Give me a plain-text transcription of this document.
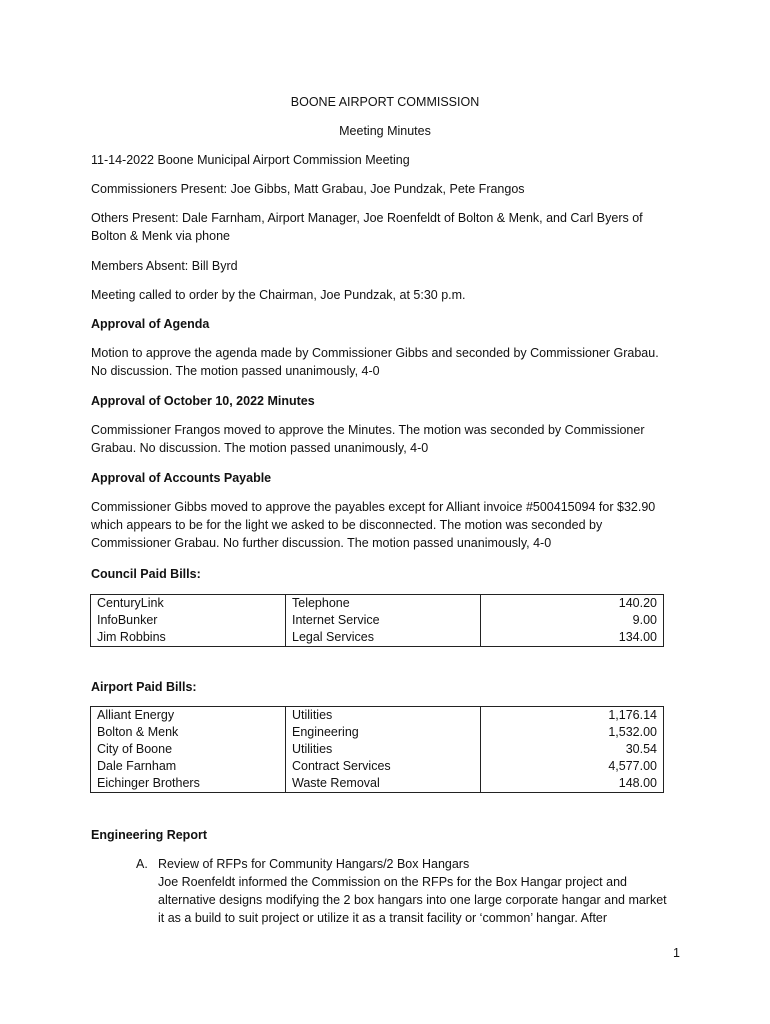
BOONE AIRPORT COMMISSION
Meeting Minutes
11-14-2022 Boone Municipal Airport Commission Meeting
Commissioners Present: Joe Gibbs, Matt Grabau, Joe Pundzak, Pete Frangos
Others Present: Dale Farnham, Airport Manager, Joe Roenfeldt of Bolton & Menk, and Carl Byers of
Bolton & Menk via phone
Members Absent: Bill Byrd
Meeting called to order by the Chairman, Joe Pundzak, at 5:30 p.m.
Approval of Agenda
Motion to approve the agenda made by Commissioner Gibbs and seconded by Commissioner Grabau.
No discussion. The motion passed unanimously, 4-0
Approval of October 10, 2022 Minutes
Commissioner Frangos moved to approve the Minutes. The motion was seconded by Commissioner
Grabau. No discussion. The motion passed unanimously, 4-0
Approval of Accounts Payable
Commissioner Gibbs moved to approve the payables except for Alliant invoice #500415094 for $32.90
which appears to be for the light we asked to be disconnected. The motion was seconded by
Commissioner Grabau. No further discussion. The motion passed unanimously, 4-0
Council Paid Bills:
CenturyLink	Telephone	140.20
InfoBunker	Internet Service	9.00
Jim Robbins	Legal Services	134.00
Airport Paid Bills:
Alliant Energy	Utilities	1,176.14
Bolton & Menk	Engineering	1,532.00
City of Boone	Utilities	30.54
Dale Farnham	Contract Services	4,577.00
Eichinger Brothers	Waste Removal	148.00
Engineering Report
A. Review of RFPs for Community Hangars/2 Box Hangars
Joe Roenfeldt informed the Commission on the RFPs for the Box Hangar project and
alternative designs modifying the 2 box hangars into one large corporate hangar and market
it as a build to suit project or utilize it as a transit facility or ‘common’ hangar. After
1
